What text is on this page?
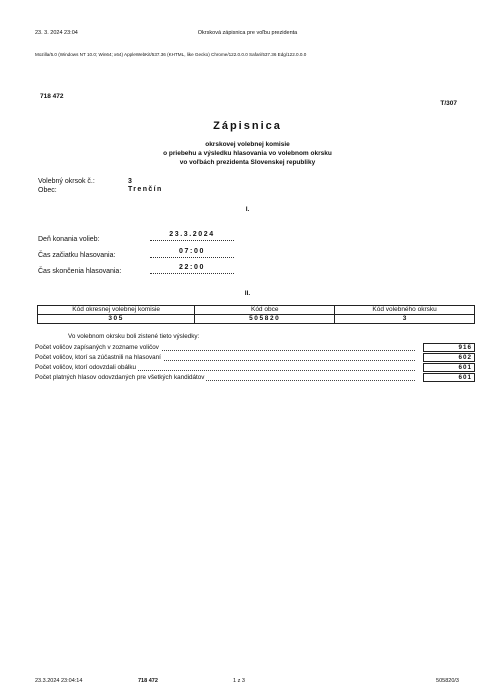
23. 3. 2024 23:04	Okrsková zápisnica pre voľbu prezidenta
Mozilla/5.0 (Windows NT 10.0; Win64; x64) AppleWebKit/537.36 (KHTML, like Gecko) Chrome/122.0.0.0 Safari/537.36 Edg/122.0.0.0
718 472
T/307
Zápisnica
okrskovej volebnej komisie
o priebehu a výsledku hlasovania vo volebnom okrsku
vo voľbách prezidenta Slovenskej republiky
Volebný okrsok č.:	3
Obec:	Trenčín
I.
Deň konania volieb:
23.3.2024
Čas začiatku hlasovania:
07:00
Čas skončenia hlasovania:
22:00
II.
Kód okresnej volebnej komisie	Kód obce	Kód volebného okrsku
305	505820	3
Vo volebnom okrsku boli zistené tieto výsledky:
Počet voličov zapísaných v zozname voličov	916
Počet voličov, ktorí sa zúčastnili na hlasovaní	602
Počet voličov, ktorí odovzdali obálku	601
Počet platných hlasov odovzdaných pre všetkých kandidátov	601
23.3.2024 23:04:14	718 472	1 z 3	505820/3
